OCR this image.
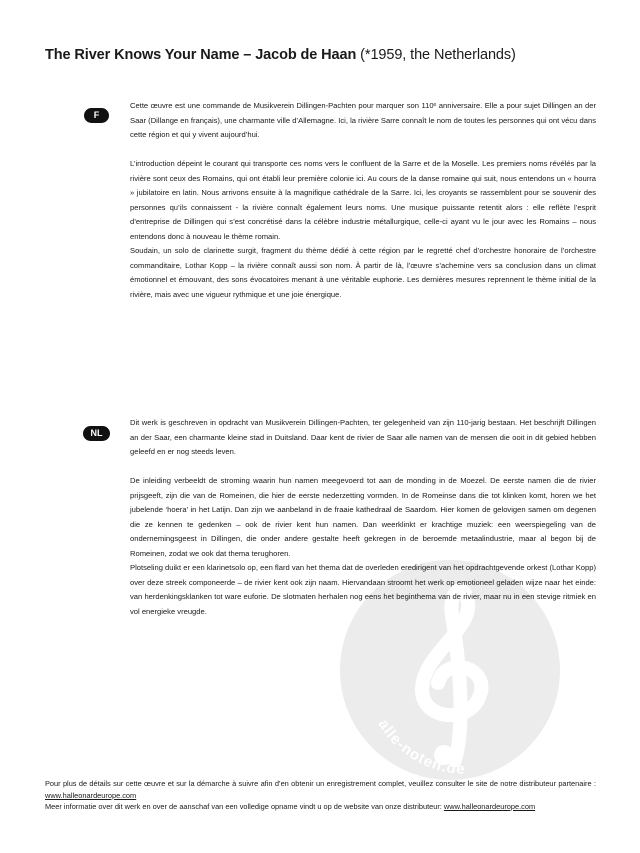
alle-noten.de
The River Knows Your Name – Jacob de Haan (*1959, the Netherlands)
F

Cette œuvre est une commande de Musikverein Dillingen-Pachten pour marquer son 110ᵉ anniversaire. Elle a pour sujet Dillingen an der Saar (Dillange en français), une charmante ville d’Allemagne. Ici, la rivière Sarre connaît le nom de toutes les personnes qui ont vécu dans cette région et qui y vivent aujourd’hui.

L’introduction dépeint le courant qui transporte ces noms vers le confluent de la Sarre et de la Moselle. Les premiers noms révélés par la rivière sont ceux des Romains, qui ont établi leur première colonie ici. Au cours de la danse romaine qui suit, nous entendons un « hourra » jubilatoire en latin. Nous arrivons ensuite à la magnifique cathédrale de la Sarre. Ici, les croyants se rassemblent pour se souvenir des personnes qu’ils connaissent - la rivière connaît également leurs noms. Une musique puissante retentit alors : elle reflète l’esprit d’entreprise de Dillingen qui s’est concrétisé dans la célèbre industrie métallurgique, celle-ci ayant vu le jour avec les Romains – nous entendons donc à nouveau le thème romain.

Soudain, un solo de clarinette surgit, fragment du thème dédié à cette région par le regretté chef d’orchestre honoraire de l’orchestre commanditaire, Lothar Kopp – la rivière connaît aussi son nom. À partir de là, l’œuvre s’achemine vers sa conclusion dans un climat émotionnel et émouvant, des sons évocatoires menant à une véritable euphorie. Les dernières mesures reprennent le thème initial de la rivière, mais avec une vigueur rythmique et une joie énergique.

NL

Dit werk is geschreven in opdracht van Musikverein Dillingen-Pachten, ter gelegenheid van zijn 110-jarig bestaan. Het beschrijft Dillingen an der Saar, een charmante kleine stad in Duitsland. Daar kent de rivier de Saar alle namen van de mensen die ooit in dit gebied hebben geleefd en er nog steeds leven.

De inleiding verbeeldt de stroming waarin hun namen meegevoerd tot aan de monding in de Moezel. De eerste namen die de rivier prijsgeeft, zijn die van de Romeinen, die hier de eerste nederzetting vormden. In de Romeinse dans die tot klinken komt, horen we het jubelende ‘hoera’ in het Latijn. Dan zijn we aanbeland in de fraaie kathedraal de Saardom. Hier komen de gelovigen samen om degenen die ze kennen te gedenken – ook de rivier kent hun namen. Dan weerklinkt er krachtige muziek: een weerspiegeling van de ondernemingsgeest in Dillingen, die onder andere gestalte heeft gekregen in de beroemde metaalindustrie, maar al begon bij de Romeinen, zodat we ook dat thema terughoren.

Plotseling duikt er een klarinetsolo op, een flard van het thema dat de overleden eredirigent van het opdrachtgevende orkest (Lothar Kopp) over deze streek componeerde – de rivier kent ook zijn naam. Hiervandaan stroomt het werk op emotioneel geladen wijze naar het einde: van herdenkingsklanken tot ware euforie. De slotmaten herhalen nog eens het beginthema van de rivier, maar nu in een stevige ritmiek en vol energieke vreugde.

Pour plus de détails sur cette œuvre et sur la démarche à suivre afin d’en obtenir un enregistrement complet, veuillez consulter le site de notre distributeur partenaire : www.halleonardeurope.com

Meer informatie over dit werk en over de aanschaf van een volledige opname vindt u op de website van onze distributeur: www.halleonardeurope.com
